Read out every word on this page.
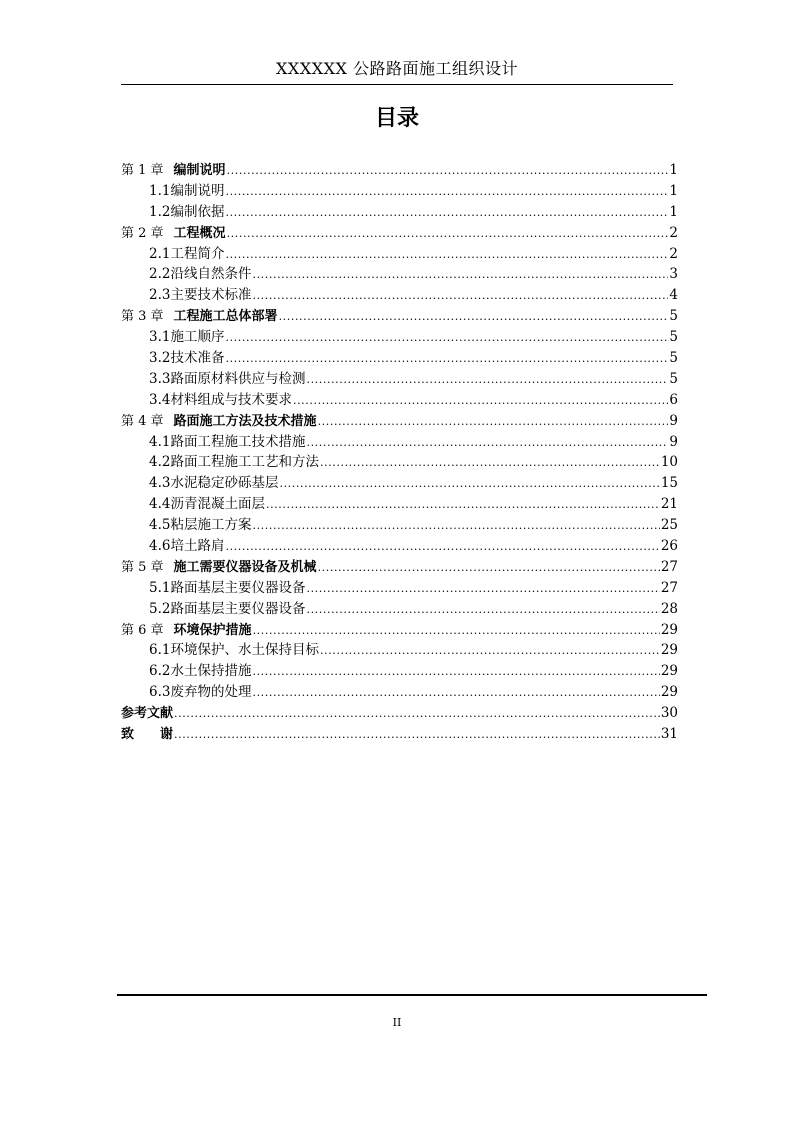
XXXXXX 公路路面施工组织设计
目录
第 1 章 编制说明 .....	1
1.1编制说明 .....	1
1.2编制依据 .....	1
第 2 章 工程概况 .....	2
2.1工程简介 .....	2
2.2沿线自然条件 .....	3
2.3主要技术标准 .....	4
第 3 章 工程施工总体部署 .....	5
3.1施工顺序 .....	5
3.2技术准备 .....	5
3.3路面原材料供应与检测 .....	5
3.4材料组成与技术要求 .....	6
第 4 章 路面施工方法及技术措施 .....	9
4.1路面工程施工技术措施 .....	9
4.2路面工程施工工艺和方法 .....	10
4.3水泥稳定砂砾基层 .....	15
4.4沥青混凝土面层 .....	21
4.5粘层施工方案 .....	25
4.6培土路肩 .....	26
第 5 章 施工需要仪器设备及机械 .....	27
5.1路面基层主要仪器设备 .....	27
5.2路面基层主要仪器设备 .....	28
第 6 章 环境保护措施 .....	29
6.1环境保护、水土保持目标 .....	29
6.2水土保持措施 .....	29
6.3废弃物的处理 .....	29
参考文献 .....	30
致　　谢 .....	31
II
